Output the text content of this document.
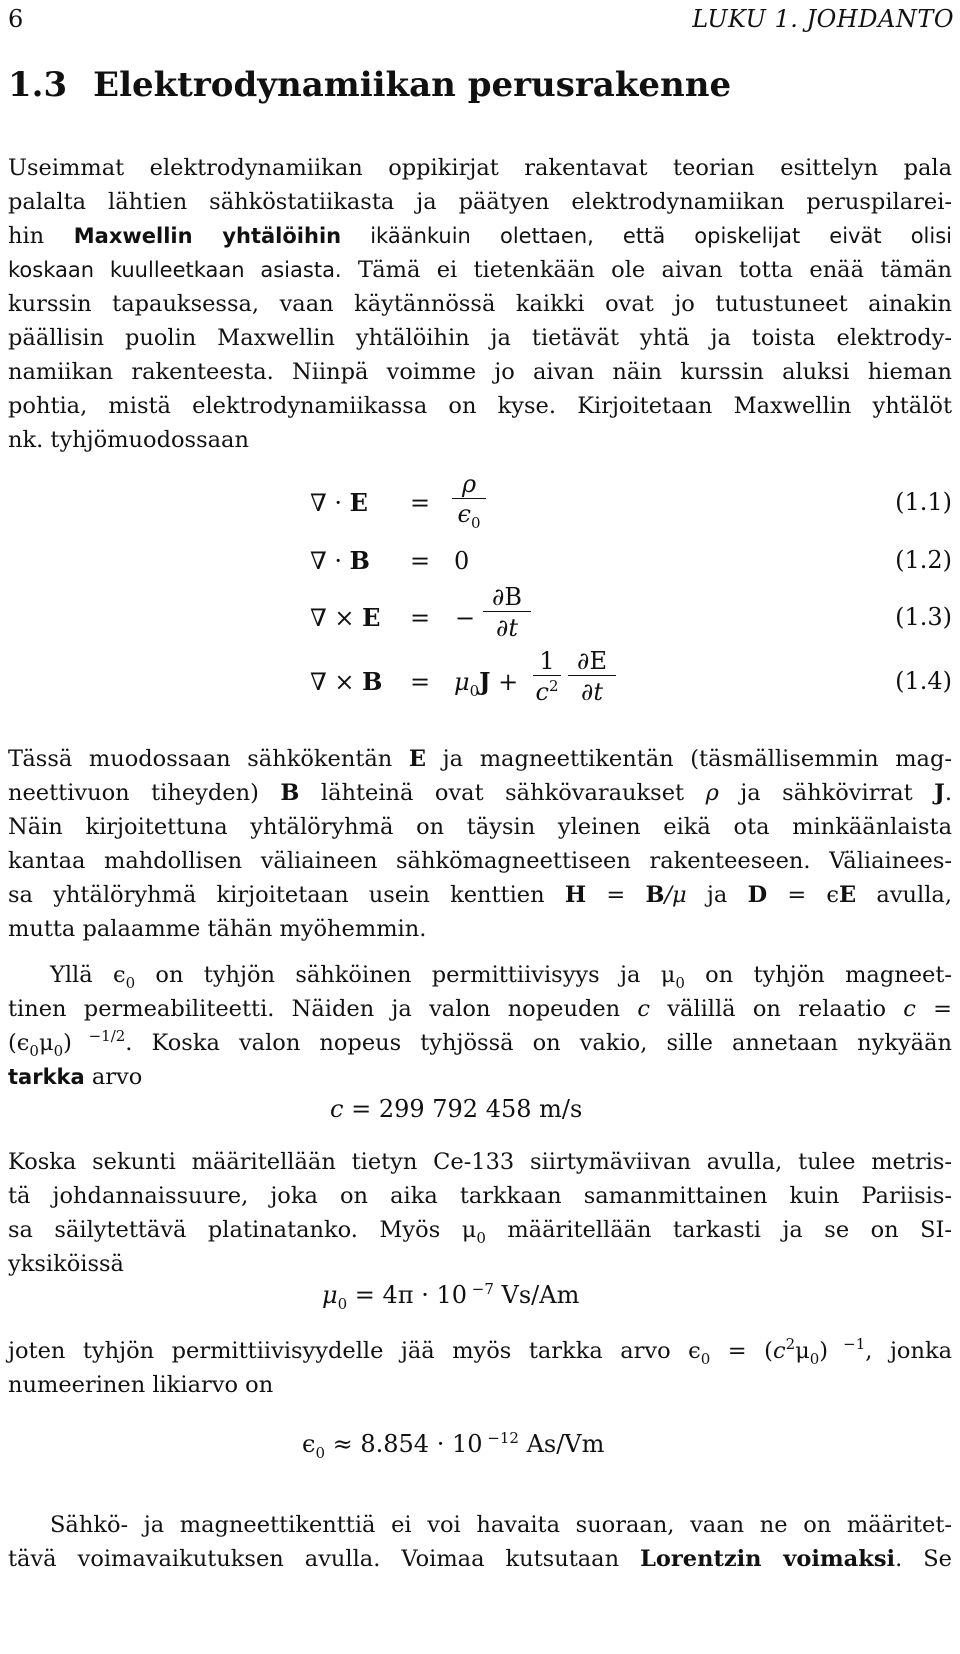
6	LUKU 1. JOHDANTO
1.3 Elektrodynamiikan perusrakenne
Useimmat elektrodynamiikan oppikirjat rakentavat teorian esittelyn pala
palalta lähtien sähköstatiikasta ja päätyen elektrodynamiikan peruspilarei-
hin Maxwellin yhtälöihin ikäänkuin olettaen, että opiskelijat eivät olisi
koskaan kuulleetkaan asiasta. Tämä ei tietenkään ole aivan totta enää tämän
kurssin tapauksessa, vaan käytännössä kaikki ovat jo tutustuneet ainakin
päällisin puolin Maxwellin yhtälöihin ja tietävät yhtä ja toista elektrody-
namiikan rakenteesta. Niinpä voimme jo aivan näin kurssin aluksi hieman
pohtia, mistä elektrodynamiikassa on kyse. Kirjoitetaan Maxwellin yhtälöt
nk. tyhjömuodossaan
∇ · $E = \frac{\rho}{\epsilon_0}$	(1.1)
∇ · B = 0	(1.2)
∇ × E = − $\frac{\partial B}{\partial t}$	(1.3)
∇ × $B = \mu_0J + \frac{1}{c^2} \frac{\partial E}{\partial t}$	(1.4)
Tässä muodossaan sähkökentän E ja magneettikentän (täsmällisemmin mag-
neettivuon tiheyden) B lähteinä ovat sähkövaraukset ρ ja sähkövirrat J.
Näin kirjoitettuna yhtälöryhmä on täysin yleinen eikä ota minkäänlaista
kantaa mahdollisen väliaineen sähkömagneettiseen rakenteeseen. Väliainees-
sa yhtälöryhmä kirjoitetaan usein kenttien H = B/μ ja D = ϵE avulla,
mutta palaamme tähän myöhemmin.
Yllä $\epsilon_0$ on tyhjön sähköinen permittiivisyys ja $\mu_0$ on tyhjön magneet-
tinen permeabiliteetti. Näiden ja valon nopeuden c välillä on relaatio c =
$(\epsilon_0\mu_0)$ $^{-1/2}$. Koska valon nopeus tyhjössä on vakio, sille annetaan nykyään
tarkka arvo
c = 299 792 458 m/s
Koska sekunti määritellään tietyn Ce-133 siirtymäviivan avulla, tulee metris-
tä johdannaissuure, joka on aika tarkkaan samanmittainen kuin Pariisis-
sa säilytettävä platinatanko. Myös $\mu_0$ määritellään tarkasti ja se on SI-
yksiköissä
$\mu_0 = 4\pi \cdot 10$ $^{-7}$ Vs/Am
joten tyhjön permittiivisyydelle jää myös tarkka arvo $\epsilon_0 = (c^2\mu_0)$ $^{-1}$, jonka
numeerinen likiarvo on
$\epsilon_0 \approx 8.854 \cdot 10$ $^{-12}$ As/Vm
Sähkö- ja magneettikenttiä ei voi havaita suoraan, vaan ne on määritet-
tävä voimavaikutuksen avulla. Voimaa kutsutaan Lorentzin voimaksi. Se
